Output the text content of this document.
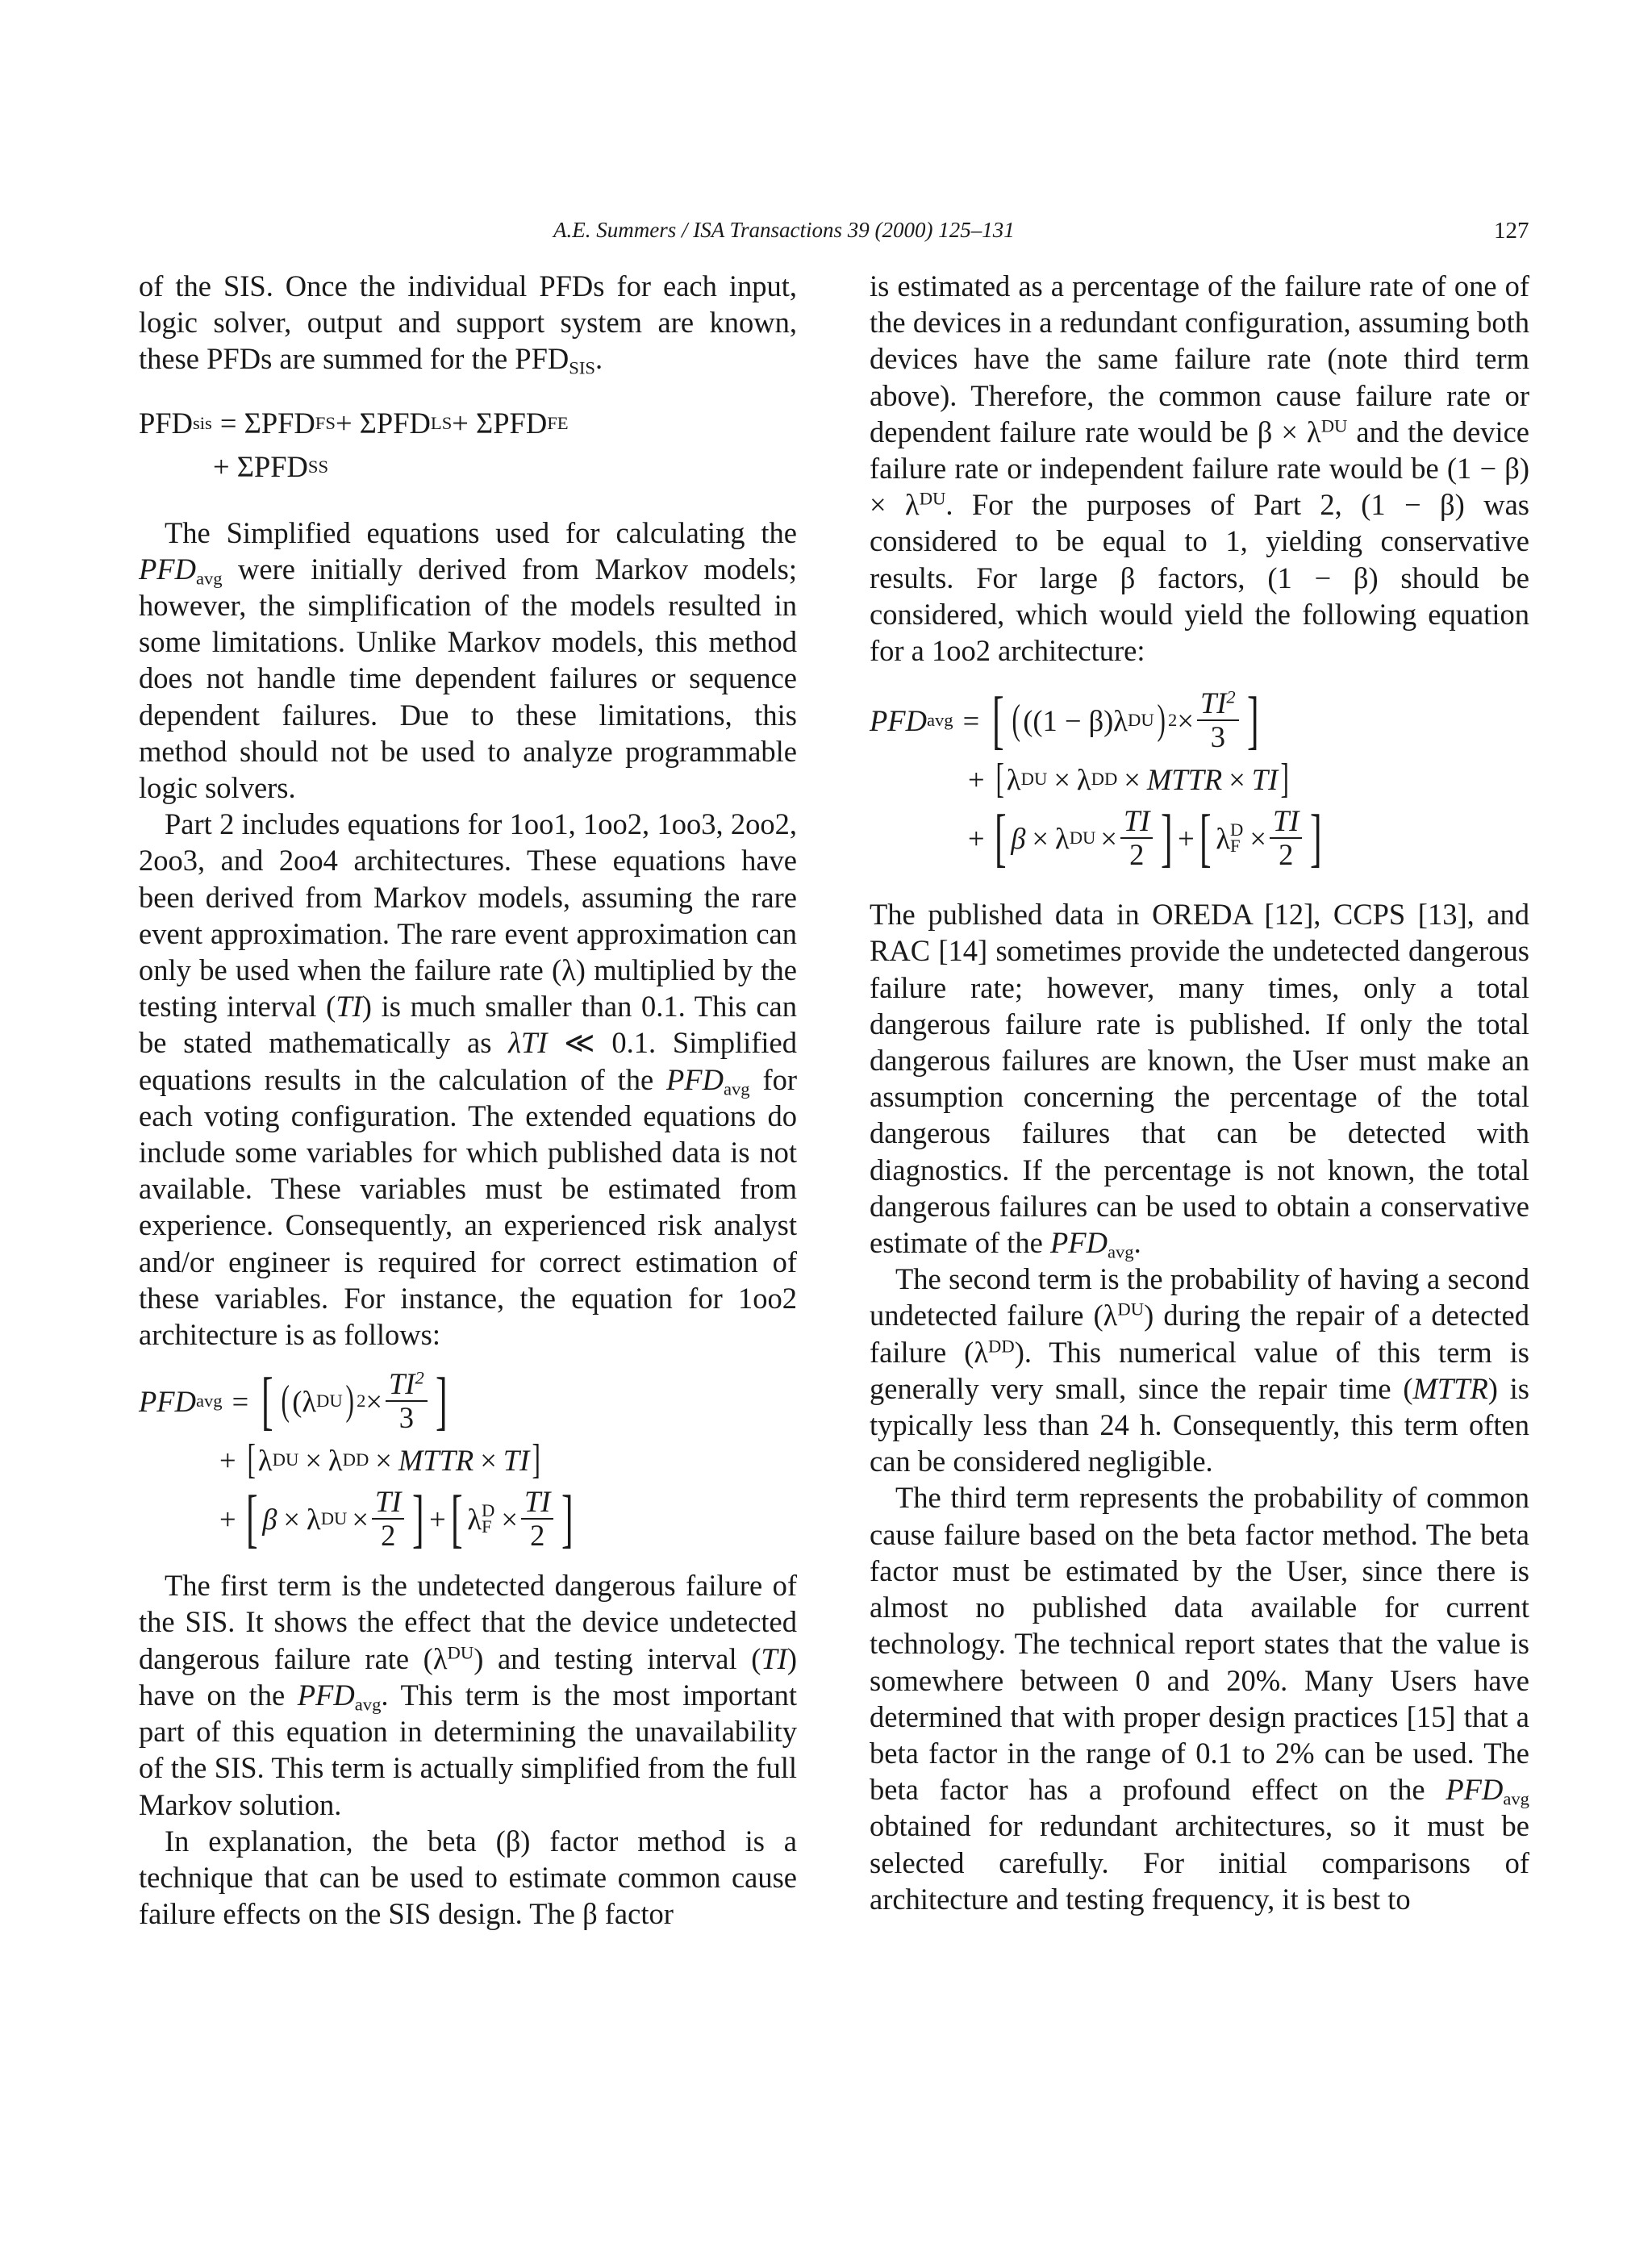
A.E. Summers / ISA Transactions 39 (2000) 125–131	127

of the SIS. Once the individual PFDs for each input, logic solver, output and support system are known, these PFDs are summed for the $PFD_{SIS}$.

PFD sis = ΣPFD FS + ΣPFD LS + ΣPFD FE
+ ΣPFD SS

The Simplified equations used for calculating the $PFD_{avg}$ were initially derived from Markov models; however, the simplification of the models resulted in some limitations. Unlike Markov models, this method does not handle time dependent failures or sequence dependent failures. Due to these limitations, this method should not be used to analyze programmable logic solvers.

Part 2 includes equations for 1oo1, 1oo2, 1oo3, 2oo2, 2oo3, and 2oo4 architectures. These equations have been derived from Markov models, assuming the rare event approximation. The rare event approximation can only be used when the failure rate (λ) multiplied by the testing interval (TI) is much smaller than 0.1. This can be stated mathematically as λTI ≪ 0.1. Simplified equations results in the calculation of the $PFD_{avg}$ for each voting configuration. The extended equations do include some variables for which published data is not available. These variables must be estimated from experience. Consequently, an experienced risk analyst and/or engineer is required for correct estimation of these variables. For instance, the equation for 1oo2 architecture is as follows:

PFD avg = [ ( (λ DU ) $2 \times \frac{TI^2}{3}$ ]
+ [ λ DU × λ DD × MTTR × TI ]
+ [ β × λ DU × $\frac{TI}{2}$ ] + [ λ D
$F \times \frac{TI}{2}$ ]

The first term is the undetected dangerous failure of the SIS. It shows the effect that the device undetected dangerous failure rate $(\lambda^{DU})$ and testing interval (TI) have on the $PFD_{avg}$. This term is the most important part of this equation in determining the unavailability of the SIS. This term is actually simplified from the full Markov solution.

In explanation, the beta (β) factor method is a technique that can be used to estimate common cause failure effects on the SIS design. The β factor

is estimated as a percentage of the failure rate of one of the devices in a redundant configuration, assuming both devices have the same failure rate (note third term above). Therefore, the common cause failure rate or dependent failure rate would be $\beta \times \lambda^{DU}$ and the device failure rate or independent failure rate would be $(1 - \beta) \times \lambda^{DU}$. For the purposes of Part 2, (1 − β) was considered to be equal to 1, yielding conservative results. For large β factors, (1 − β) should be considered, which would yield the following equation for a 1oo2 architecture:

PFD avg = [ ( ((1 − β)λ DU ) $2 \times \frac{TI^2}{3}$ ]
+ [ λ DU × λ DD × MTTR × TI ]
+ [ β × λ DU × $\frac{TI}{2}$ ] + [ λ D
$F \times \frac{TI}{2}$ ]

The published data in OREDA [12], CCPS [13], and RAC [14] sometimes provide the undetected dangerous failure rate; however, many times, only a total dangerous failure rate is published. If only the total dangerous failures are known, the User must make an assumption concerning the percentage of the total dangerous failures that can be detected with diagnostics. If the percentage is not known, the total dangerous failures can be used to obtain a conservative estimate of the $PFD_{avg}$.

The second term is the probability of having a second undetected failure $(\lambda^{DU})$ during the repair of a detected failure $(\lambda^{DD})$. This numerical value of this term is generally very small, since the repair time (MTTR) is typically less than 24 h. Consequently, this term often can be considered negligible.

The third term represents the probability of common cause failure based on the beta factor method. The beta factor must be estimated by the User, since there is almost no published data available for current technology. The technical report states that the value is somewhere between 0 and 20%. Many Users have determined that with proper design practices [15] that a beta factor in the range of 0.1 to 2% can be used. The beta factor has a profound effect on the $PFD_{avg}$ obtained for redundant architectures, so it must be selected carefully. For initial comparisons of architecture and testing frequency, it is best to
